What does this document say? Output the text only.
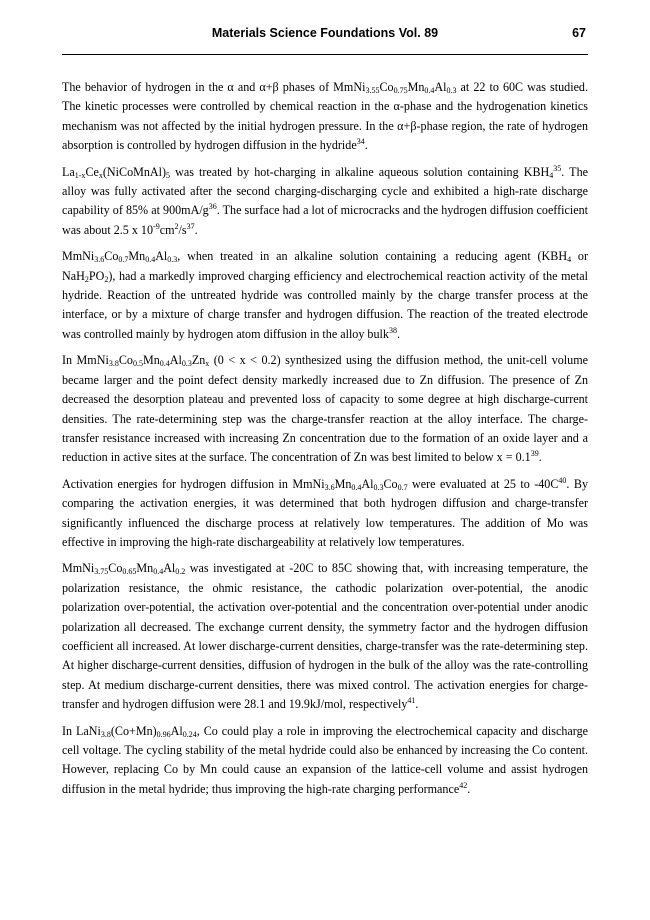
Materials Science Foundations Vol. 89	67

The behavior of hydrogen in the α and α+β phases of $MmNi_{3.55}Co_{0.75}Mn_{0.4}Al_{0.3}$ at 22 to 60C was studied. The kinetic processes were controlled by chemical reaction in the α-phase and the hydrogenation kinetics mechanism was not affected by the initial hydrogen pressure. In the α+β-phase region, the rate of hydrogen absorption is controlled by hydrogen diffusion in the hydride$^{34}$.

$La_{1-x}Ce_x(NiCoMnAl)_5$ was treated by hot-charging in alkaline aqueous solution containing $KBH_4^{35}$. The alloy was fully activated after the second charging-discharging cycle and exhibited a high-rate discharge capability of 85% at $900mA/g^{36}$. The surface had a lot of microcracks and the hydrogen diffusion coefficient was about 2.5 x $10^{-9}cm^2/s^{37}$.

$MmNi_{3.6}Co_{0.7}Mn_{0.4}Al_{0.3}$, when treated in an alkaline solution containing a reducing agent ($KBH_4$ or $NaH_2PO_2$), had a markedly improved charging efficiency and electrochemical reaction activity of the metal hydride. Reaction of the untreated hydride was controlled mainly by the charge transfer process at the interface, or by a mixture of charge transfer and hydrogen diffusion. The reaction of the treated electrode was controlled mainly by hydrogen atom diffusion in the alloy bulk$^{38}$.

In $MmNi_{3.8}Co_{0.5}Mn_{0.4}Al_{0.3}Zn_x$ (0 < x < 0.2) synthesized using the diffusion method, the unit-cell volume became larger and the point defect density markedly increased due to Zn diffusion. The presence of Zn decreased the desorption plateau and prevented loss of capacity to some degree at high discharge-current densities. The rate-determining step was the charge-transfer reaction at the alloy interface. The charge-transfer resistance increased with increasing Zn concentration due to the formation of an oxide layer and a reduction in active sites at the surface. The concentration of Zn was best limited to below $x = 0.1^{39}$.

Activation energies for hydrogen diffusion in $MmNi_{3.6}Mn_{0.4}Al_{0.3}Co_{0.7}$ were evaluated at 25 to $-40C^{40}$. By comparing the activation energies, it was determined that both hydrogen diffusion and charge-transfer significantly influenced the discharge process at relatively low temperatures. The addition of Mo was effective in improving the high-rate dischargeability at relatively low temperatures.

$MmNi_{3.75}Co_{0.65}Mn_{0.4}Al_{0.2}$ was investigated at -20C to 85C showing that, with increasing temperature, the polarization resistance, the ohmic resistance, the cathodic polarization over-potential, the anodic polarization over-potential, the activation over-potential and the concentration over-potential under anodic polarization all decreased. The exchange current density, the symmetry factor and the hydrogen diffusion coefficient all increased. At lower discharge-current densities, charge-transfer was the rate-determining step. At higher discharge-current densities, diffusion of hydrogen in the bulk of the alloy was the rate-controlling step. At medium discharge-current densities, there was mixed control. The activation energies for charge-transfer and hydrogen diffusion were 28.1 and 19.9kJ/mol, respectively$^{41}$.

In $LaNi_{3.8}(Co+Mn)_{0.96}Al_{0.24}$, Co could play a role in improving the electrochemical capacity and discharge cell voltage. The cycling stability of the metal hydride could also be enhanced by increasing the Co content. However, replacing Co by Mn could cause an expansion of the lattice-cell volume and assist hydrogen diffusion in the metal hydride; thus improving the high-rate charging performance$^{42}$.
